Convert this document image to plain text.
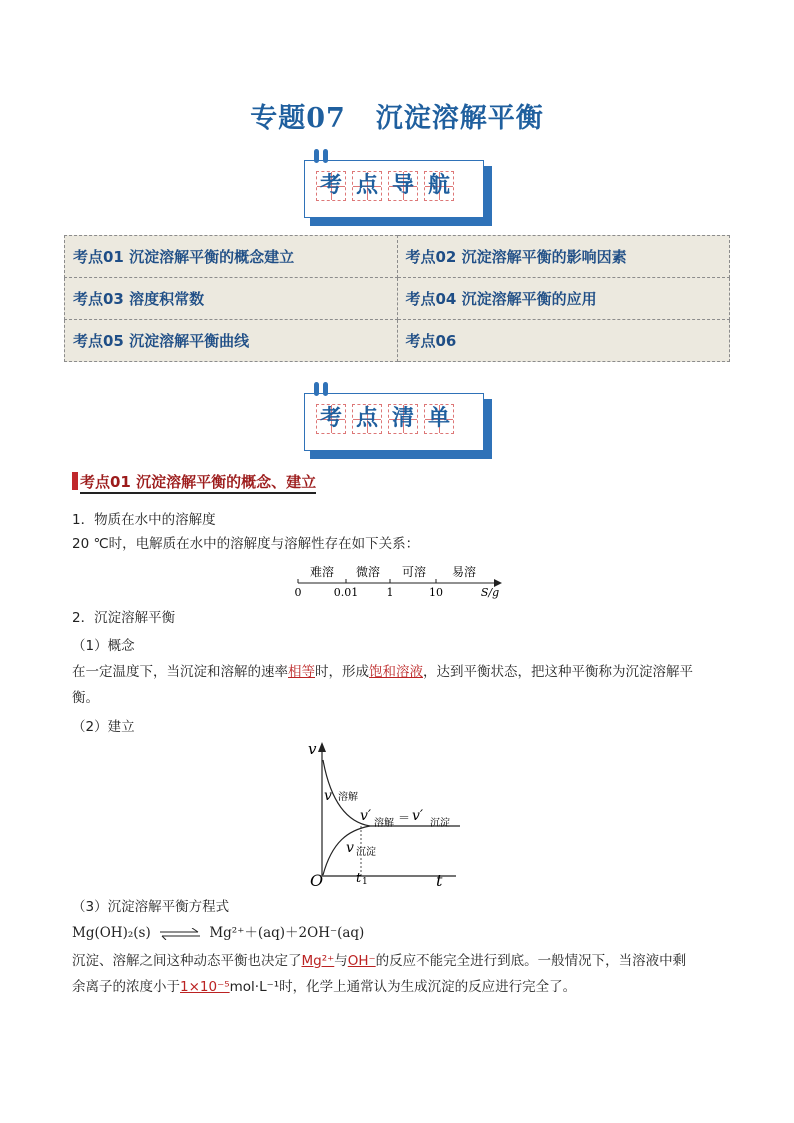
专题07 沉淀溶解平衡
考 点 导 航
考点01 沉淀溶解平衡的概念建立	考点02 沉淀溶解平衡的影响因素
考点03 溶度积常数	考点04 沉淀溶解平衡的应用
考点05 沉淀溶解平衡曲线	考点06
考 点 清 单
考点01 沉淀溶解平衡的概念、建立
1．物质在水中的溶解度
20 ℃时，电解质在水中的溶解度与溶解性存在如下关系：
难溶 微溶 可溶 易溶
0	0.01	1	10	S/g
2．沉淀溶解平衡
（1）概念
在一定温度下，当沉淀和溶解的速率相等时，形成饱和溶液，达到平衡状态，把这种平衡称为沉淀溶解平
衡。
（2）建立
v
t
O
v 溶解
v 沉淀
v′ 溶解 ＝ v′ 沉淀
t 1
（3）沉淀溶解平衡方程式
Mg(OH)₂(s) ⇌ Mg²⁺＋(aq)＋2OH⁻(aq)
沉淀、溶解之间这种动态平衡也决定了Mg²⁺与OH⁻的反应不能完全进行到底。一般情况下，当溶液中剩
余离子的浓度小于1×10⁻⁵mol·L⁻¹时，化学上通常认为生成沉淀的反应进行完全了。
